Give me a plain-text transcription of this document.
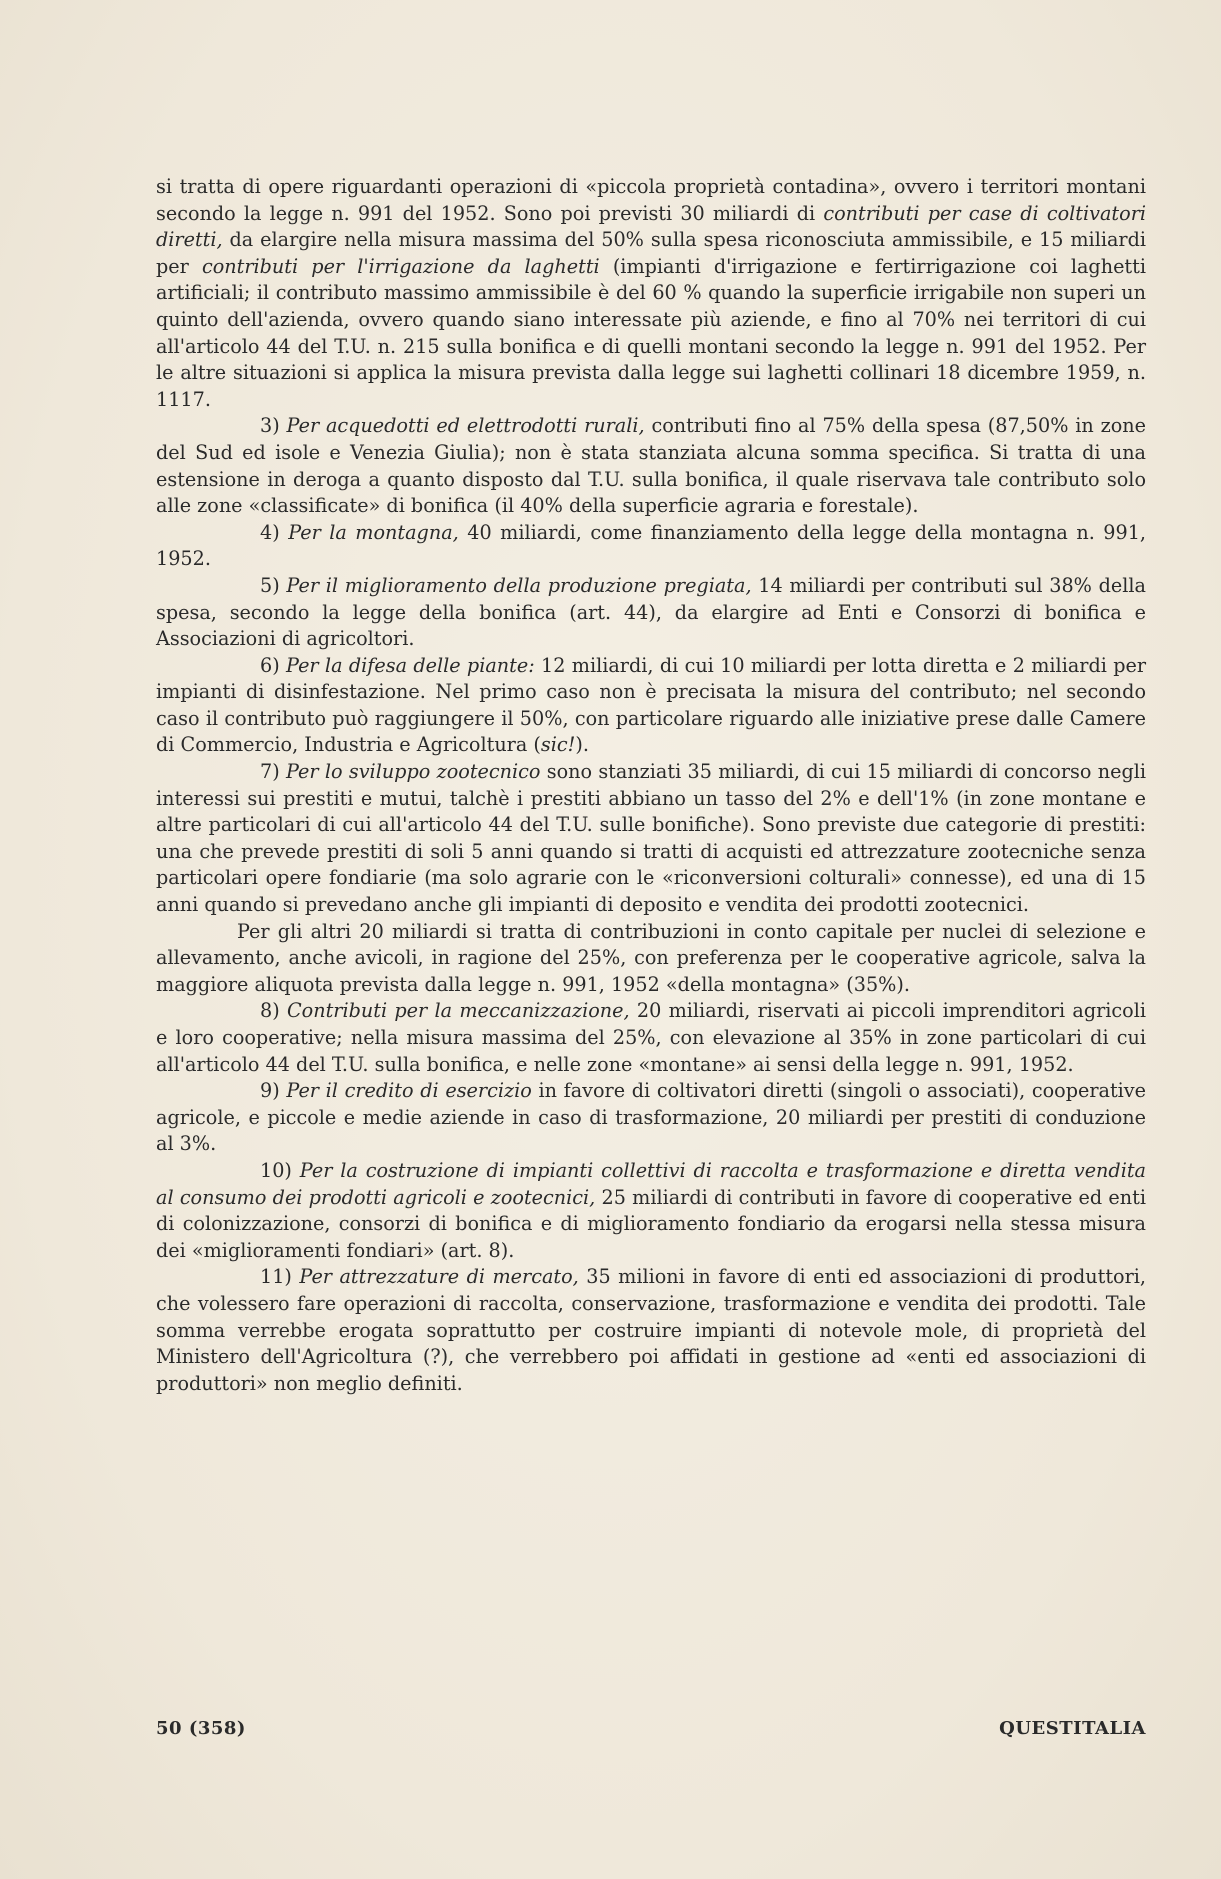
si tratta di opere riguardanti operazioni di «piccola proprietà contadina», ovvero i territori montani secondo la legge n. 991 del 1952. Sono poi previsti 30 miliardi di contributi per case di coltivatori diretti, da elargire nella misura massima del 50% sulla spesa riconosciuta ammissibile, e 15 miliardi per contributi per l'irrigazione da laghetti (impianti d'irrigazione e fertirrigazione coi laghetti artificiali; il contributo massimo ammissibile è del 60 % quando la superficie irrigabile non superi un quinto dell'azienda, ovvero quando siano interessate più aziende, e fino al 70% nei territori di cui all'articolo 44 del T.U. n. 215 sulla bonifica e di quelli montani secondo la legge n. 991 del 1952. Per le altre situazioni si applica la misura prevista dalla legge sui laghetti collinari 18 dicembre 1959, n. 1117.

3) Per acquedotti ed elettrodotti rurali, contributi fino al 75% della spesa (87,50% in zone del Sud ed isole e Venezia Giulia); non è stata stanziata alcuna somma specifica. Si tratta di una estensione in deroga a quanto disposto dal T.U. sulla bonifica, il quale riservava tale contributo solo alle zone «classificate» di bonifica (il 40% della superficie agraria e forestale).

4) Per la montagna, 40 miliardi, come finanziamento della legge della montagna n. 991, 1952.

5) Per il miglioramento della produzione pregiata, 14 miliardi per contributi sul 38% della spesa, secondo la legge della bonifica (art. 44), da elargire ad Enti e Consorzi di bonifica e Associazioni di agricoltori.

6) Per la difesa delle piante: 12 miliardi, di cui 10 miliardi per lotta diretta e 2 miliardi per impianti di disinfestazione. Nel primo caso non è precisata la misura del contributo; nel secondo caso il contributo può raggiungere il 50%, con particolare riguardo alle iniziative prese dalle Camere di Commercio, Industria e Agricoltura (sic!).

7) Per lo sviluppo zootecnico sono stanziati 35 miliardi, di cui 15 miliardi di concorso negli interessi sui prestiti e mutui, talchè i prestiti abbiano un tasso del 2% e dell'1% (in zone montane e altre particolari di cui all'articolo 44 del T.U. sulle bonifiche). Sono previste due categorie di prestiti: una che prevede prestiti di soli 5 anni quando si tratti di acquisti ed attrezzature zootecniche senza particolari opere fondiarie (ma solo agrarie con le «riconversioni colturali» connesse), ed una di 15 anni quando si prevedano anche gli impianti di deposito e vendita dei prodotti zootecnici.

Per gli altri 20 miliardi si tratta di contribuzioni in conto capitale per nuclei di selezione e allevamento, anche avicoli, in ragione del 25%, con preferenza per le cooperative agricole, salva la maggiore aliquota prevista dalla legge n. 991, 1952 «della montagna» (35%).

8) Contributi per la meccanizzazione, 20 miliardi, riservati ai piccoli imprenditori agricoli e loro cooperative; nella misura massima del 25%, con elevazione al 35% in zone particolari di cui all'articolo 44 del T.U. sulla bonifica, e nelle zone «montane» ai sensi della legge n. 991, 1952.

9) Per il credito di esercizio in favore di coltivatori diretti (singoli o associati), cooperative agricole, e piccole e medie aziende in caso di trasformazione, 20 miliardi per prestiti di conduzione al 3%.

10) Per la costruzione di impianti collettivi di raccolta e trasformazione e diretta vendita al consumo dei prodotti agricoli e zootecnici, 25 miliardi di contributi in favore di cooperative ed enti di colonizzazione, consorzi di bonifica e di miglioramento fondiario da erogarsi nella stessa misura dei «miglioramenti fondiari» (art. 8).

11) Per attrezzature di mercato, 35 milioni in favore di enti ed associazioni di produttori, che volessero fare operazioni di raccolta, conservazione, trasformazione e vendita dei prodotti. Tale somma verrebbe erogata soprattutto per costruire impianti di notevole mole, di proprietà del Ministero dell'Agricoltura (?), che verrebbero poi affidati in gestione ad «enti ed associazioni di produttori» non meglio definiti.

50 (358)	QUESTITALIA
